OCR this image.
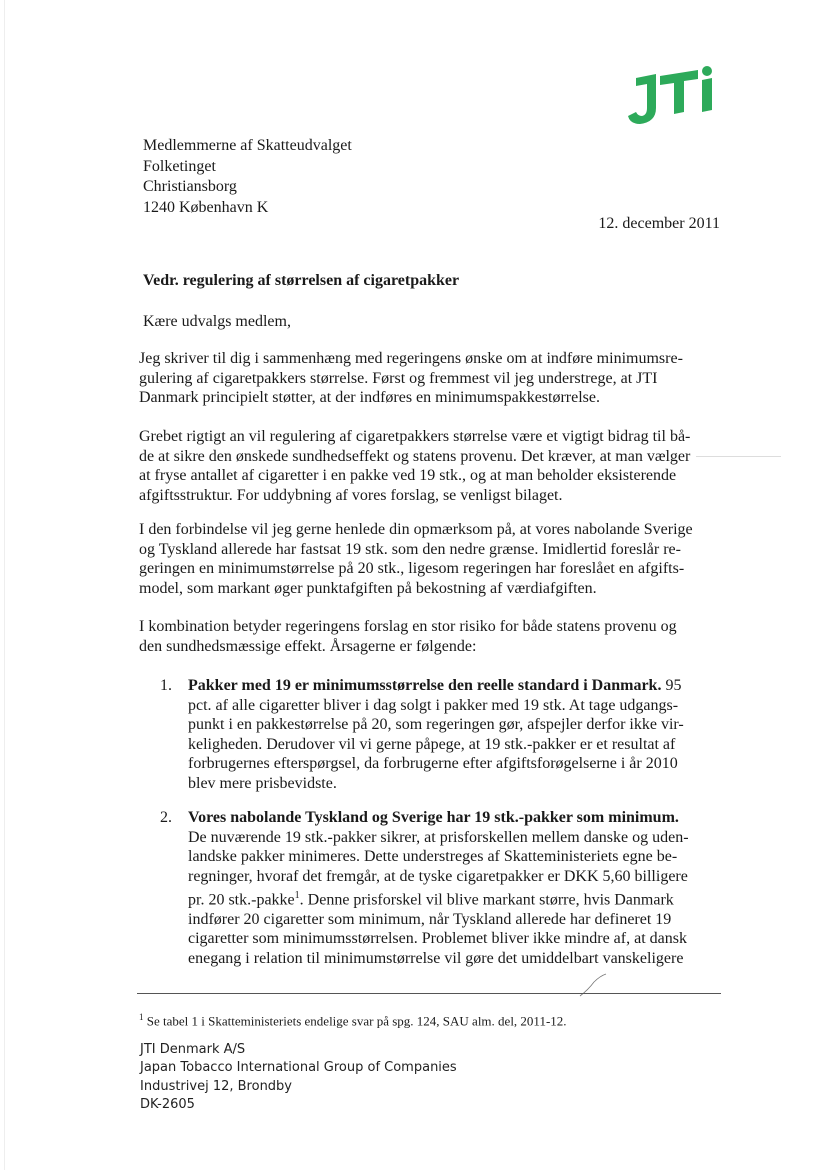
Medlemmerne af Skatteudvalget
Folketinget
Christiansborg
1240 København K
12. december 2011
Vedr. regulering af størrelsen af cigaretpakker
Kære udvalgs medlem,
Jeg skriver til dig i sammenhæng med regeringens ønske om at indføre minimumsre-
gulering af cigaretpakkers størrelse. Først og fremmest vil jeg understrege, at JTI
Danmark principielt støtter, at der indføres en minimumspakkestørrelse.
Grebet rigtigt an vil regulering af cigaretpakkers størrelse være et vigtigt bidrag til bå-
de at sikre den ønskede sundhedseffekt og statens provenu. Det kræver, at man vælger
at fryse antallet af cigaretter i en pakke ved 19 stk., og at man beholder eksisterende
afgiftsstruktur. For uddybning af vores forslag, se venligst bilaget.
I den forbindelse vil jeg gerne henlede din opmærksom på, at vores nabolande Sverige
og Tyskland allerede har fastsat 19 stk. som den nedre grænse. Imidlertid foreslår re-
geringen en minimumstørrelse på 20 stk., ligesom regeringen har foreslået en afgifts-
model, som markant øger punktafgiften på bekostning af værdiafgiften.
I kombination betyder regeringens forslag en stor risiko for både statens provenu og
den sundhedsmæssige effekt. Årsagerne er følgende:
1.	Pakker med 19 er minimumsstørrelse den reelle standard i Danmark. 95
pct. af alle cigaretter bliver i dag solgt i pakker med 19 stk. At tage udgangs-
punkt i en pakkestørrelse på 20, som regeringen gør, afspejler derfor ikke vir-
keligheden. Derudover vil vi gerne påpege, at 19 stk.-pakker er et resultat af
forbrugernes efterspørgsel, da forbrugerne efter afgiftsforøgelserne i år 2010
blev mere prisbevidste.
2.	Vores nabolande Tyskland og Sverige har 19 stk.-pakker som minimum.
De nuværende 19 stk.-pakker sikrer, at prisforskellen mellem danske og uden-
landske pakker minimeres. Dette understreges af Skatteministeriets egne be-
regninger, hvoraf det fremgår, at de tyske cigaretpakker er DKK 5,60 billigere
pr. 20 stk.-pakke$^1$. Denne prisforskel vil blive markant større, hvis Danmark
indfører 20 cigaretter som minimum, når Tyskland allerede har defineret 19
cigaretter som minimumsstørrelsen. Problemet bliver ikke mindre af, at dansk
enegang i relation til minimumstørrelse vil gøre det umiddelbart vanskeligere
$^1$ Se tabel 1 i Skatteministeriets endelige svar på spg. 124, SAU alm. del, 2011-12.
JTI Denmark A/S
Japan Tobacco International Group of Companies
Industrivej 12, Brondby
DK-2605
